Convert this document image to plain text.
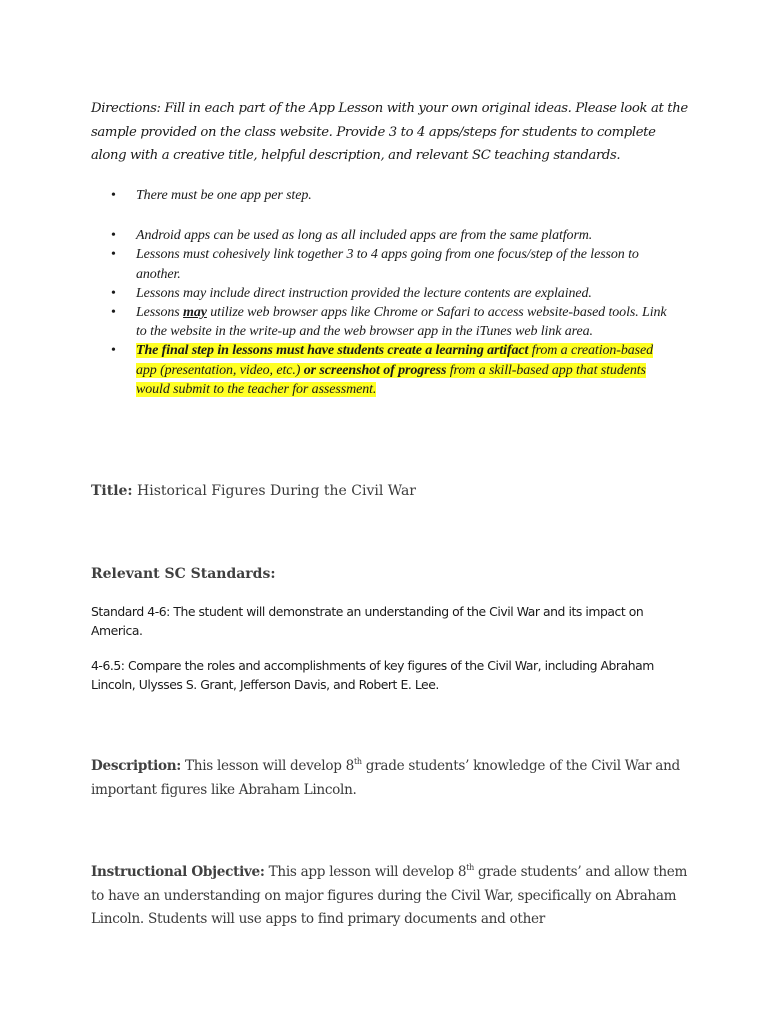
Directions: Fill in each part of the App Lesson with your own original ideas. Please look at the sample provided on the class website. Provide 3 to 4 apps/steps for students to complete along with a creative title, helpful description, and relevant SC teaching standards.

• There must be one app per step.
• Android apps can be used as long as all included apps are from the same platform.
• Lessons must cohesively link together 3 to 4 apps going from one focus/step of the lesson to another.
• Lessons may include direct instruction provided the lecture contents are explained.
• Lessons may utilize web browser apps like Chrome or Safari to access website-based tools. Link to the website in the write-up and the web browser app in the iTunes web link area.
• The final step in lessons must have students create a learning artifact from a creation-based app (presentation, video, etc.) or screenshot of progress from a skill-based app that students would submit to the teacher for assessment.
Title: Historical Figures During the Civil War
Relevant SC Standards:

Standard 4-6: The student will demonstrate an understanding of the Civil War and its impact on America.

4-6.5: Compare the roles and accomplishments of key figures of the Civil War, including Abraham Lincoln, Ulysses S. Grant, Jefferson Davis, and Robert E. Lee.

Description: This lesson will develop 8th grade students’ knowledge of the Civil War and important figures like Abraham Lincoln.

Instructional Objective: This app lesson will develop 8th grade students’ and allow them to have an understanding on major figures during the Civil War, specifically on Abraham Lincoln. Students will use apps to find primary documents and other
